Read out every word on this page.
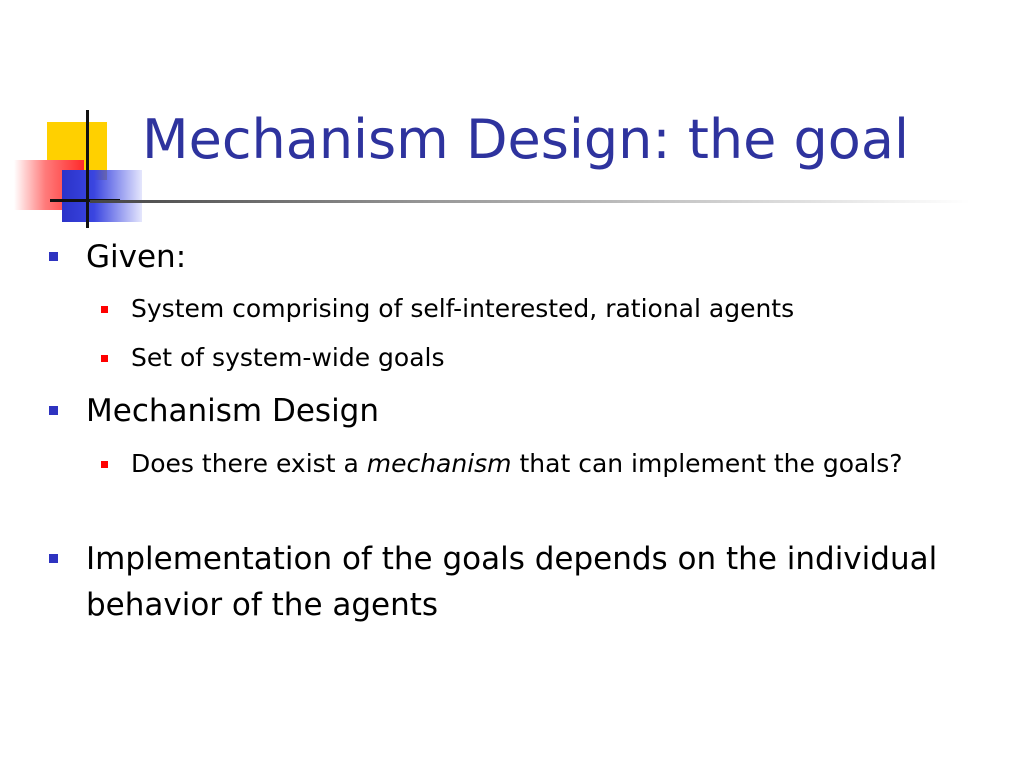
Mechanism Design: the goal
Given:
System comprising of self-interested, rational agents
Set of system-wide goals
Mechanism Design
Does there exist a mechanism that can implement the goals?
Implementation of the goals depends on the individual behavior of the agents
